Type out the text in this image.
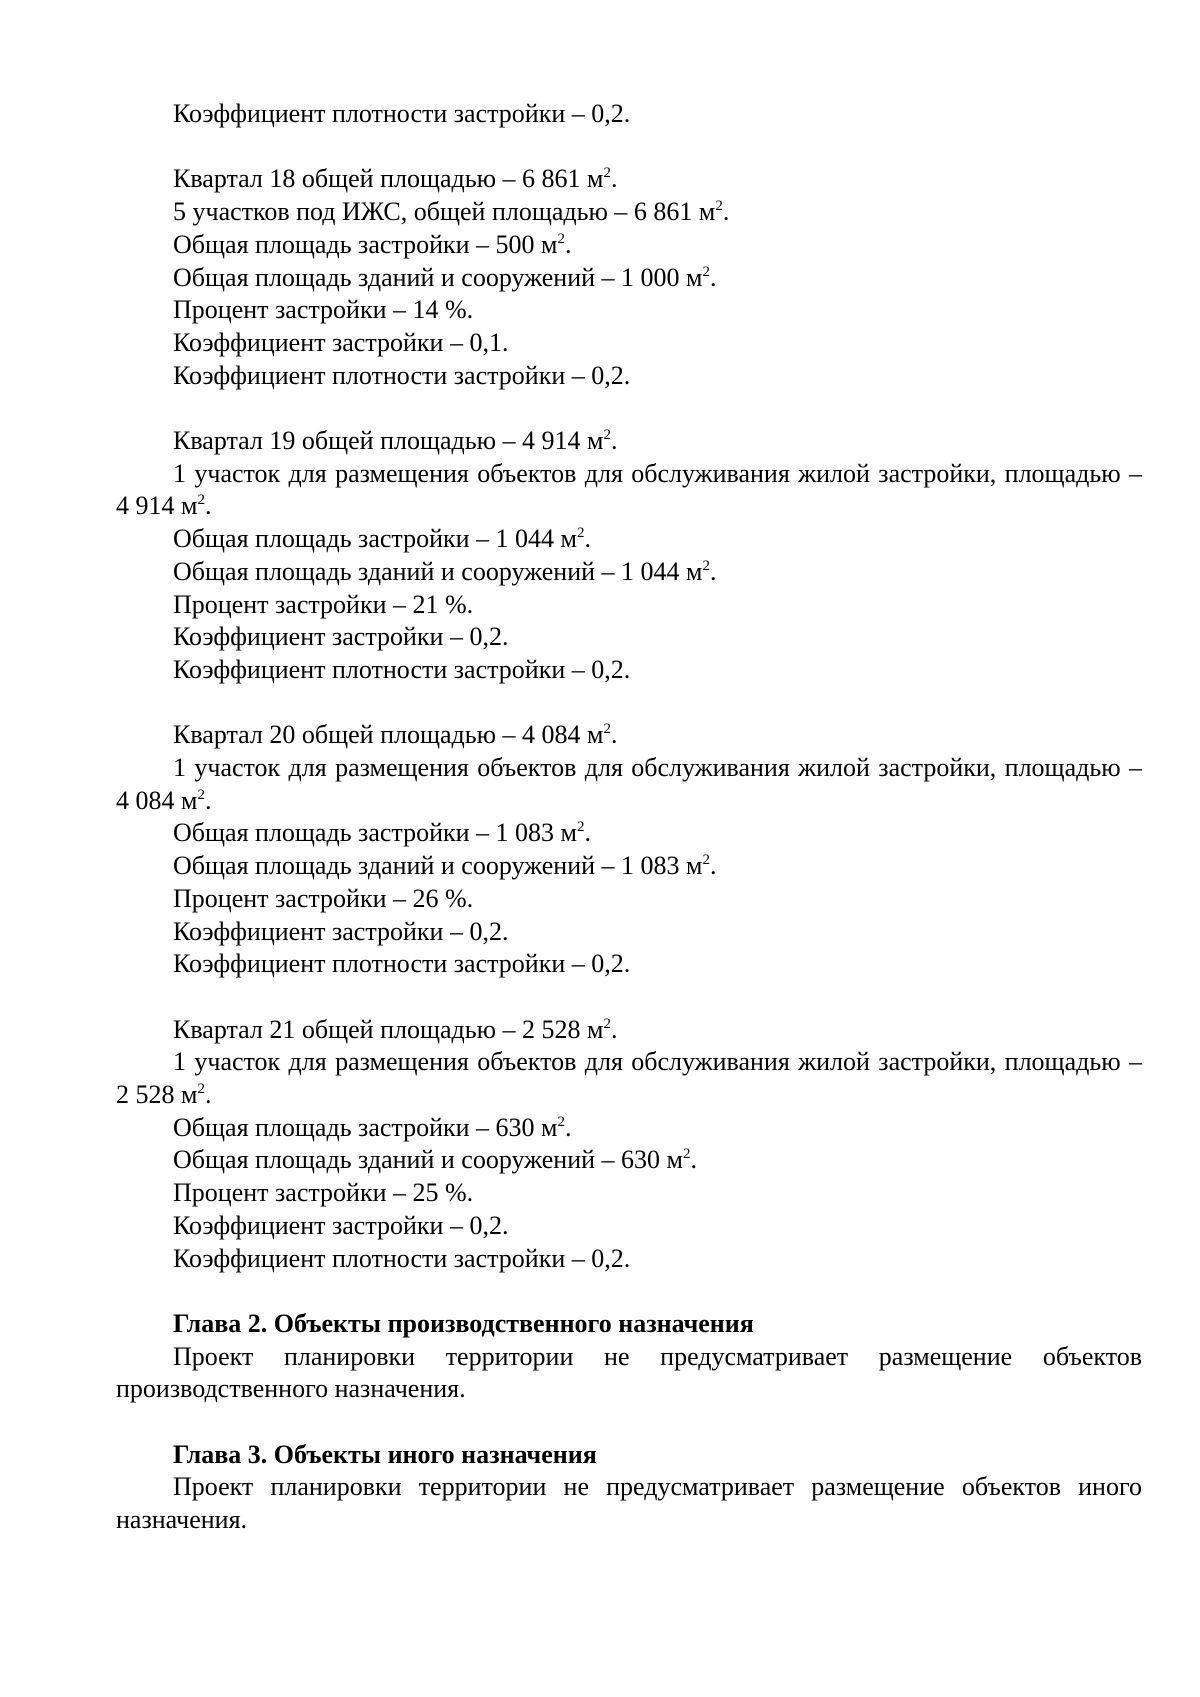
Коэффициент плотности застройки – 0,2.
Квартал 18 общей площадью – 6 861 $м^2$.
5 участков под ИЖС, общей площадью – 6 861 $м^2$.
Общая площадь застройки – 500 $м^2$.
Общая площадь зданий и сооружений – 1 000 $м^2$.
Процент застройки – 14 %.
Коэффициент застройки – 0,1.
Коэффициент плотности застройки – 0,2.
Квартал 19 общей площадью – 4 914 $м^2$.
1 участок для размещения объектов для обслуживания жилой застройки, площадью – 4 914 $м^2$.
Общая площадь застройки – 1 044 $м^2$.
Общая площадь зданий и сооружений – 1 044 $м^2$.
Процент застройки – 21 %.
Коэффициент застройки – 0,2.
Коэффициент плотности застройки – 0,2.
Квартал 20 общей площадью – 4 084 $м^2$.
1 участок для размещения объектов для обслуживания жилой застройки, площадью – 4 084 $м^2$.
Общая площадь застройки – 1 083 $м^2$.
Общая площадь зданий и сооружений – 1 083 $м^2$.
Процент застройки – 26 %.
Коэффициент застройки – 0,2.
Коэффициент плотности застройки – 0,2.
Квартал 21 общей площадью – 2 528 $м^2$.
1 участок для размещения объектов для обслуживания жилой застройки, площадью – 2 528 $м^2$.
Общая площадь застройки – 630 $м^2$.
Общая площадь зданий и сооружений – 630 $м^2$.
Процент застройки – 25 %.
Коэффициент застройки – 0,2.
Коэффициент плотности застройки – 0,2.
Глава 2. Объекты производственного назначения
Проект планировки территории не предусматривает размещение объектов производственного назначения.
Глава 3. Объекты иного назначения
Проект планировки территории не предусматривает размещение объектов иного назначения.
